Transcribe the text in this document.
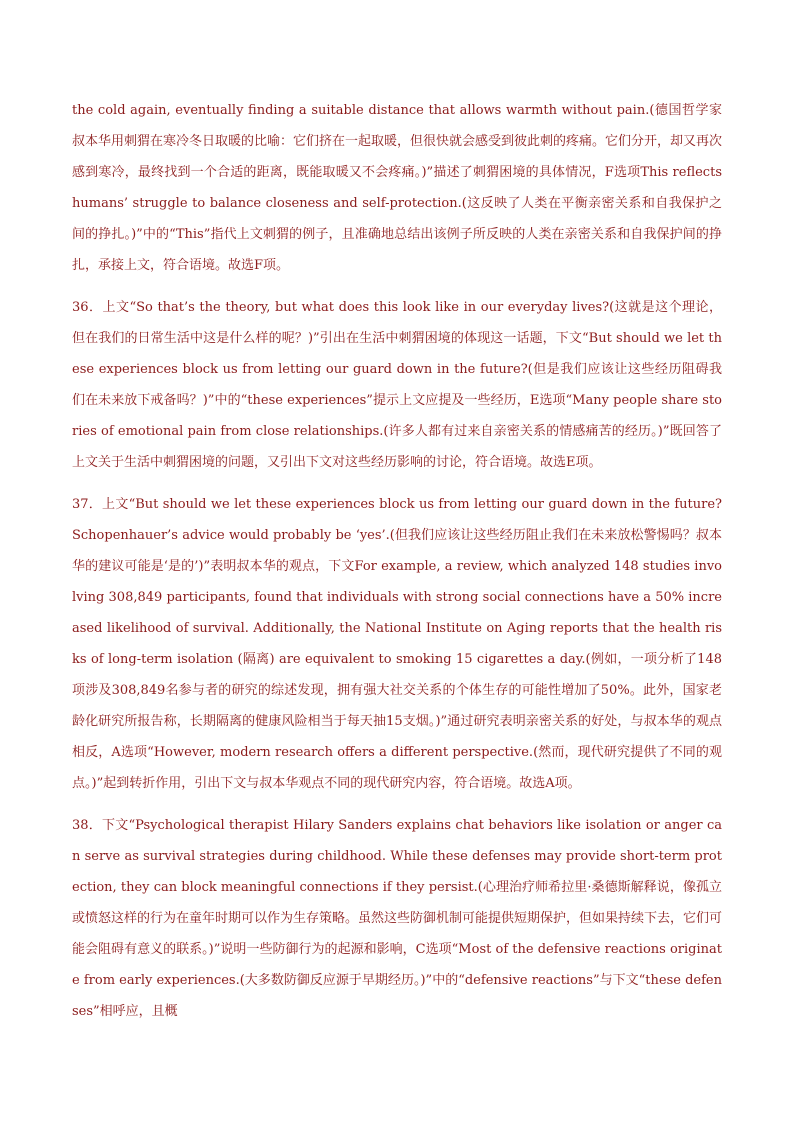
the cold again, eventually finding a suitable distance that allows warmth without pain.(德国哲学家叔本华用刺猬在寒冷冬日取暖的比喻：它们挤在一起取暖，但很快就会感受到彼此刺的疼痛。它们分开，却又再次感到寒冷，最终找到一个合适的距离，既能取暖又不会疼痛。)”描述了刺猬困境的具体情况，F选项This reflects humans’ struggle to balance closeness and self-protection.(这反映了人类在平衡亲密关系和自我保护之间的挣扎。)”中的“This”指代上文刺猬的例子，且准确地总结出该例子所反映的人类在亲密关系和自我保护间的挣扎，承接上文，符合语境。故选F项。

36．上文“So that’s the theory, but what does this look like in our everyday lives?(这就是这个理论，但在我们的日常生活中这是什么样的呢？)”引出在生活中刺猬困境的体现这一话题，下文“But should we let these experiences block us from letting our guard down in the future?(但是我们应该让这些经历阻碍我们在未来放下戒备吗？)”中的“these experiences”提示上文应提及一些经历，E选项“Many people share stories of emotional pain from close relationships.(许多人都有过来自亲密关系的情感痛苦的经历。)”既回答了上文关于生活中刺猬困境的问题，又引出下文对这些经历影响的讨论，符合语境。故选E项。

37．上文“But should we let these experiences block us from letting our guard down in the future? Schopenhauer’s advice would probably be ‘yes’.(但我们应该让这些经历阻止我们在未来放松警惕吗？叔本华的建议可能是‘是的’)”表明叔本华的观点，下文For example, a review, which analyzed 148 studies involving 308,849 participants, found that individuals with strong social connections have a 50% increased likelihood of survival. Additionally, the National Institute on Aging reports that the health risks of long-term isolation (隔离) are equivalent to smoking 15 cigarettes a day.(例如，一项分析了148项涉及308,849名参与者的研究的综述发现，拥有强大社交关系的个体生存的可能性增加了50%。此外，国家老龄化研究所报告称，长期隔离的健康风险相当于每天抽15支烟。)”通过研究表明亲密关系的好处，与叔本华的观点相反，A选项“However, modern research offers a different perspective.(然而，现代研究提供了不同的观点。)”起到转折作用，引出下文与叔本华观点不同的现代研究内容，符合语境。故选A项。

38．下文“Psychological therapist Hilary Sanders explains chat behaviors like isolation or anger can serve as survival strategies during childhood. While these defenses may provide short-term protection, they can block meaningful connections if they persist.(心理治疗师希拉里·桑德斯解释说，像孤立或愤怒这样的行为在童年时期可以作为生存策略。虽然这些防御机制可能提供短期保护，但如果持续下去，它们可能会阻碍有意义的联系。)”说明一些防御行为的起源和影响，C选项“Most of the defensive reactions originate from early experiences.(大多数防御反应源于早期经历。)”中的“defensive reactions”与下文“these defenses”相呼应，且概
